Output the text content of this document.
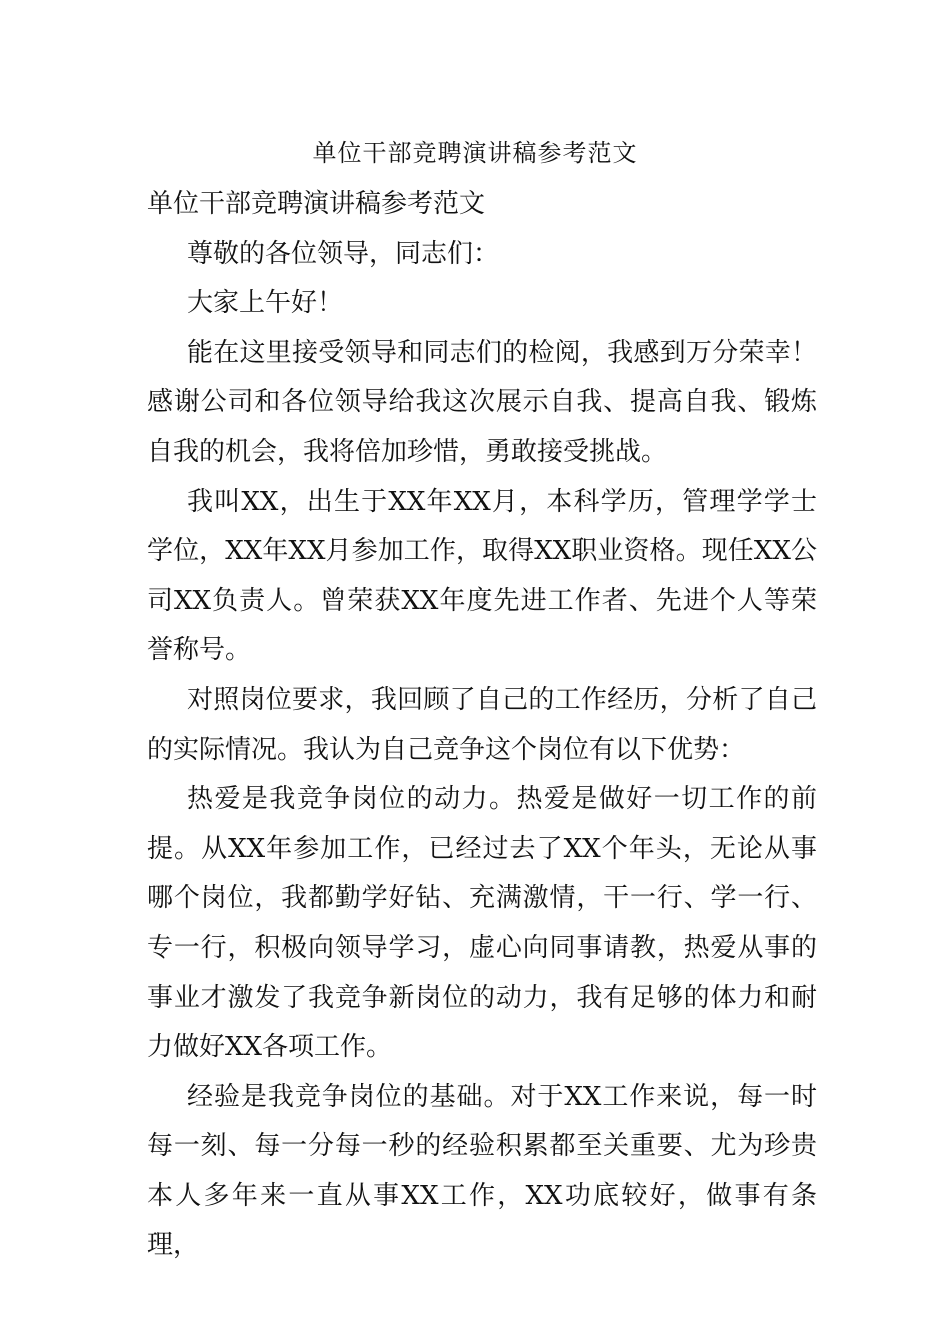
单位干部竞聘演讲稿参考范文

单位干部竞聘演讲稿参考范文

尊敬的各位领导，同志们：

大家上午好！

能在这里接受领导和同志们的检阅，我感到万分荣幸！感谢公司和各位领导给我这次展示自我、提高自我、锻炼自我的机会，我将倍加珍惜，勇敢接受挑战。

我叫XX，出生于XX年XX月，本科学历，管理学学士学位，XX年XX月参加工作，取得XX职业资格。现任XX公司XX负责人。曾荣获XX年度先进工作者、先进个人等荣誉称号。

对照岗位要求，我回顾了自己的工作经历，分析了自己的实际情况。我认为自己竞争这个岗位有以下优势：

热爱是我竞争岗位的动力。热爱是做好一切工作的前提。从XX年参加工作，已经过去了XX个年头，无论从事哪个岗位，我都勤学好钻、充满激情，干一行、学一行、专一行，积极向领导学习，虚心向同事请教，热爱从事的事业才激发了我竞争新岗位的动力，我有足够的体力和耐力做好XX各项工作。

经验是我竞争岗位的基础。对于XX工作来说，每一时每一刻、每一分每一秒的经验积累都至关重要、尤为珍贵本人多年来一直从事XX工作，XX功底较好，做事有条理，
